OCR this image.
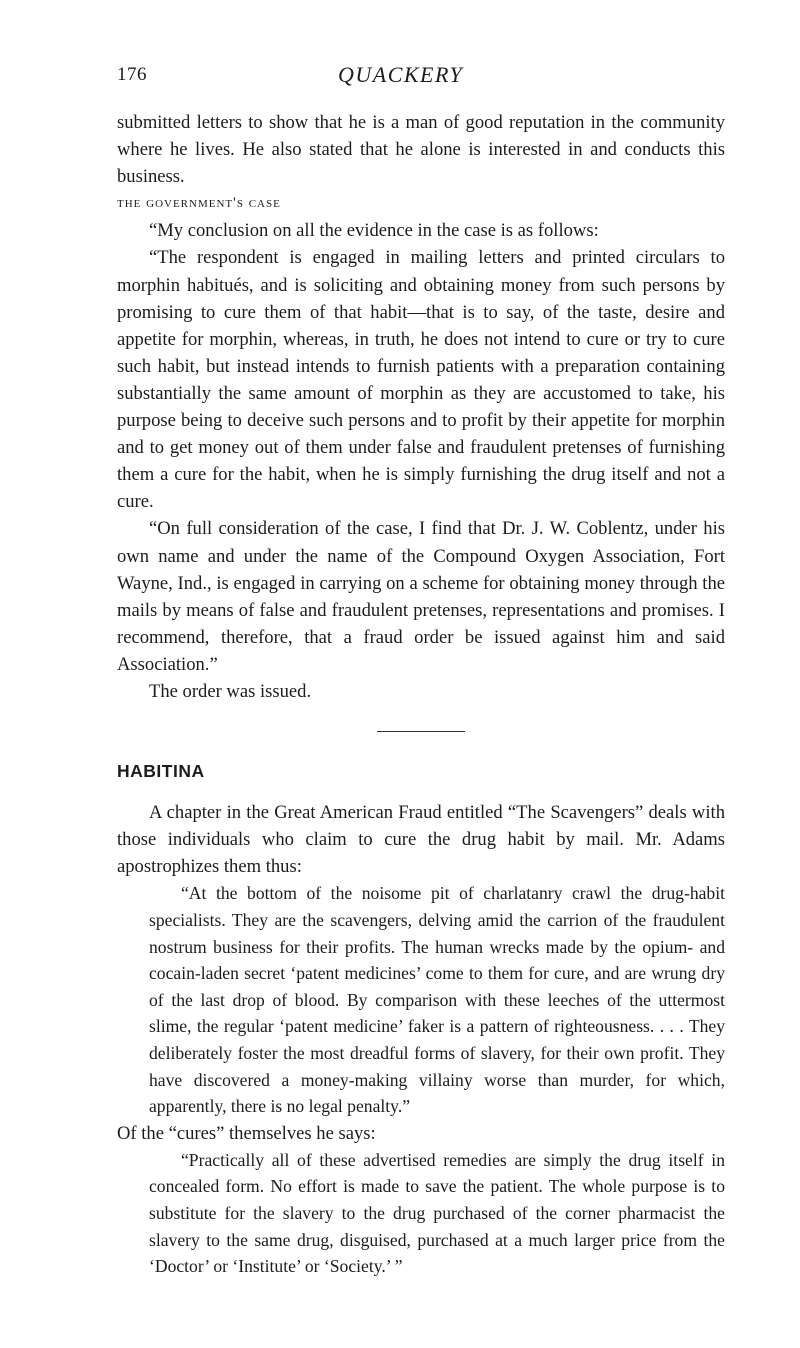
176	QUACKERY

submitted letters to show that he is a man of good reputation in the community where he lives. He also stated that he alone is interested in and conducts this business.

the government's case

“My conclusion on all the evidence in the case is as follows:

“The respondent is engaged in mailing letters and printed circulars to morphin habitués, and is soliciting and obtaining money from such persons by promising to cure them of that habit—that is to say, of the taste, desire and appetite for morphin, whereas, in truth, he does not intend to cure or try to cure such habit, but instead intends to furnish patients with a preparation containing substantially the same amount of morphin as they are accustomed to take, his purpose being to deceive such persons and to profit by their appetite for morphin and to get money out of them under false and fraudulent pretenses of furnishing them a cure for the habit, when he is simply furnishing the drug itself and not a cure.

“On full consideration of the case, I find that Dr. J. W. Coblentz, under his own name and under the name of the Compound Oxygen Association, Fort Wayne, Ind., is engaged in carrying on a scheme for obtaining money through the mails by means of false and fraudulent pretenses, representations and promises. I recommend, therefore, that a fraud order be issued against him and said Association.”

The order was issued.

HABITINA

A chapter in the Great American Fraud entitled “The Scavengers” deals with those individuals who claim to cure the drug habit by mail. Mr. Adams apostrophizes them thus:

“At the bottom of the noisome pit of charlatanry crawl the drug-habit specialists. They are the scavengers, delving amid the carrion of the fraudulent nostrum business for their profits. The human wrecks made by the opium- and cocain-laden secret ‘patent medicines’ come to them for cure, and are wrung dry of the last drop of blood. By comparison with these leeches of the uttermost slime, the regular ‘patent medicine’ faker is a pattern of righteousness. . . . They deliberately foster the most dreadful forms of slavery, for their own profit. They have discovered a money-making villainy worse than murder, for which, apparently, there is no legal penalty.”

Of the “cures” themselves he says:

“Practically all of these advertised remedies are simply the drug itself in concealed form. No effort is made to save the patient. The whole purpose is to substitute for the slavery to the drug purchased of the corner pharmacist the slavery to the same drug, disguised, purchased at a much larger price from the ‘Doctor’ or ‘Institute’ or ‘Society.’ ”
